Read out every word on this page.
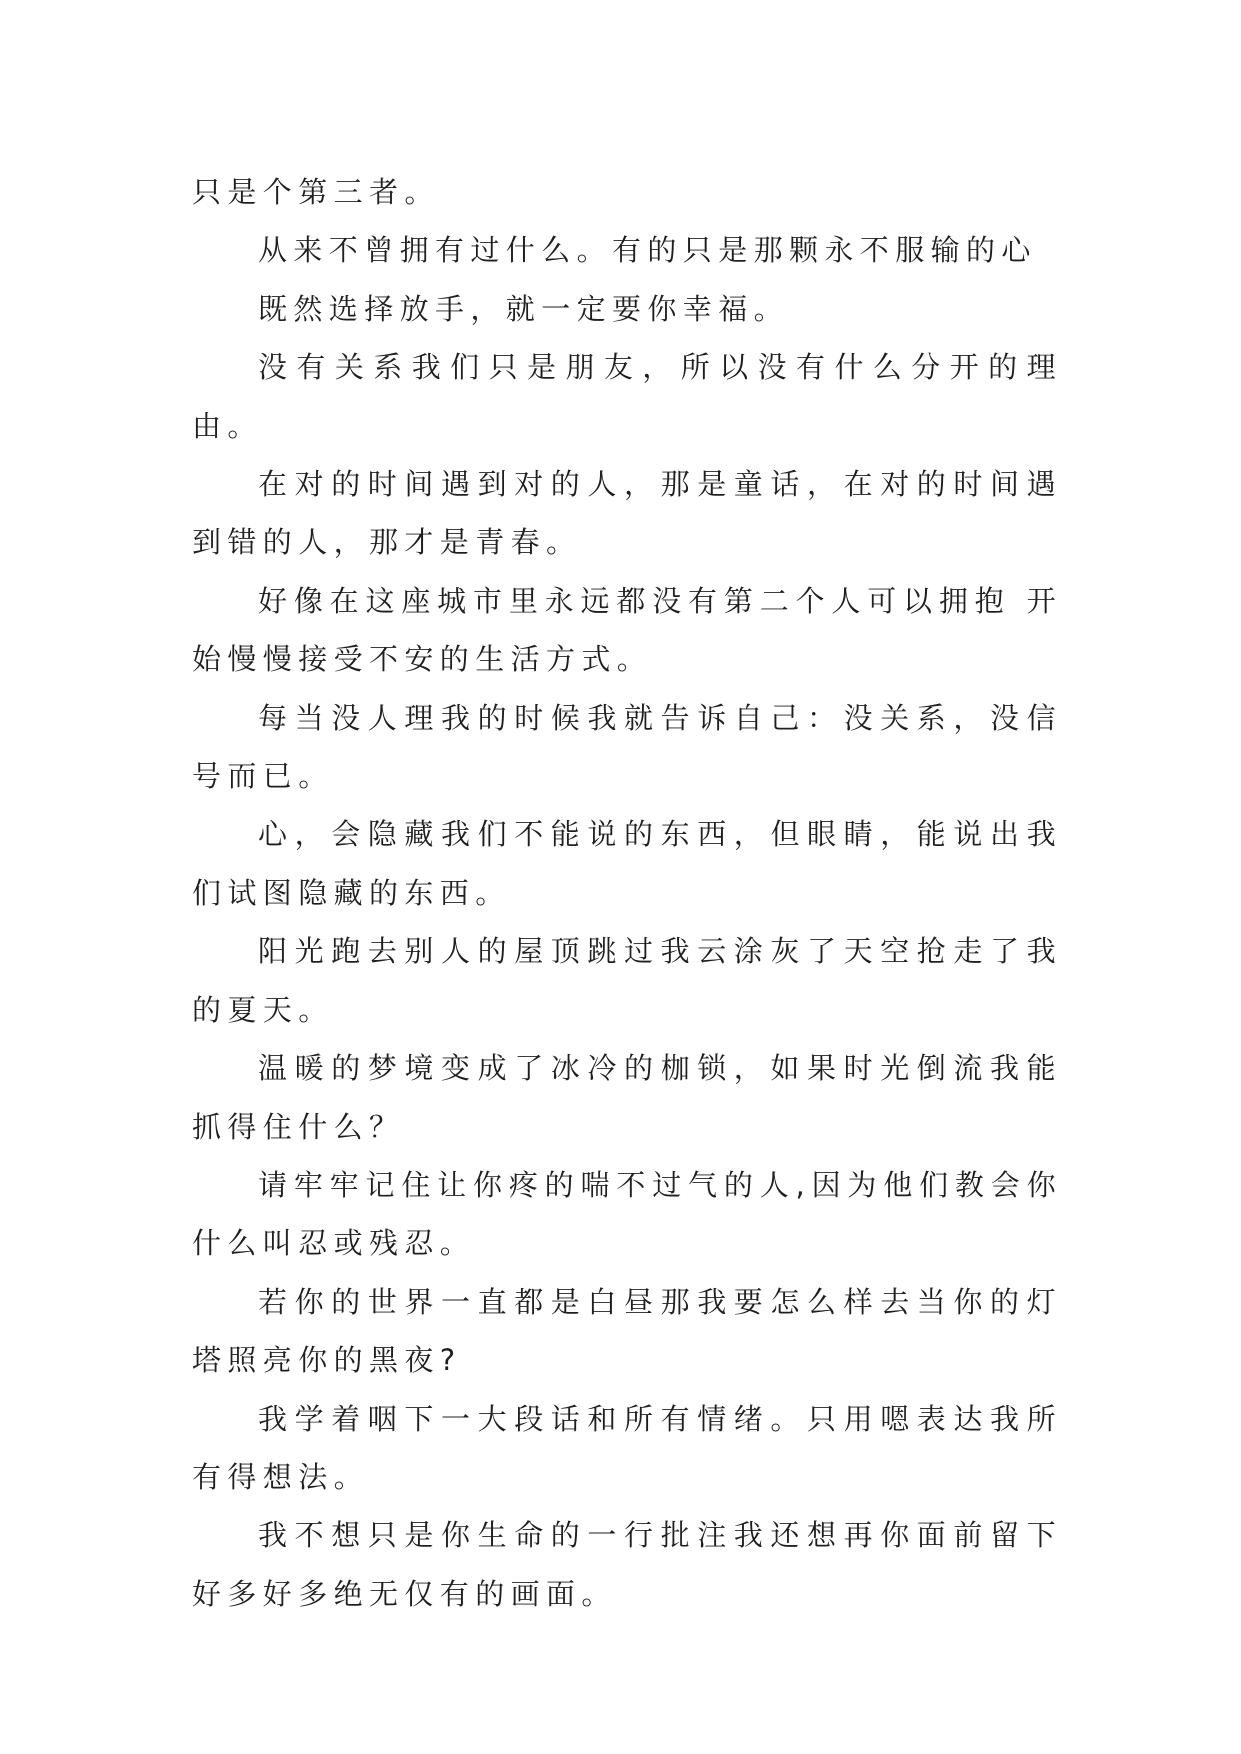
只是个第三者。

从来不曾拥有过什么。有的只是那颗永不服输的心

既然选择放手，就一定要你幸福。

没有关系我们只是朋友，所以没有什么分开的理由。

在对的时间遇到对的人，那是童话，在对的时间遇到错的人，那才是青春。

好像在这座城市里永远都没有第二个人可以拥抱 开始慢慢接受不安的生活方式。

每当没人理我的时候我就告诉自己：没关系，没信号而已。

心，会隐藏我们不能说的东西，但眼睛，能说出我们试图隐藏的东西。

阳光跑去别人的屋顶跳过我云涂灰了天空抢走了我的夏天。

温暖的梦境变成了冰冷的枷锁，如果时光倒流我能抓得住什么？

请牢牢记住让你疼的喘不过气的人,因为他们教会你什么叫忍或残忍。

若你的世界一直都是白昼那我要怎么样去当你的灯塔照亮你的黑夜?

我学着咽下一大段话和所有情绪。只用嗯表达我所有得想法。

我不想只是你生命的一行批注我还想再你面前留下好多好多绝无仅有的画面。
